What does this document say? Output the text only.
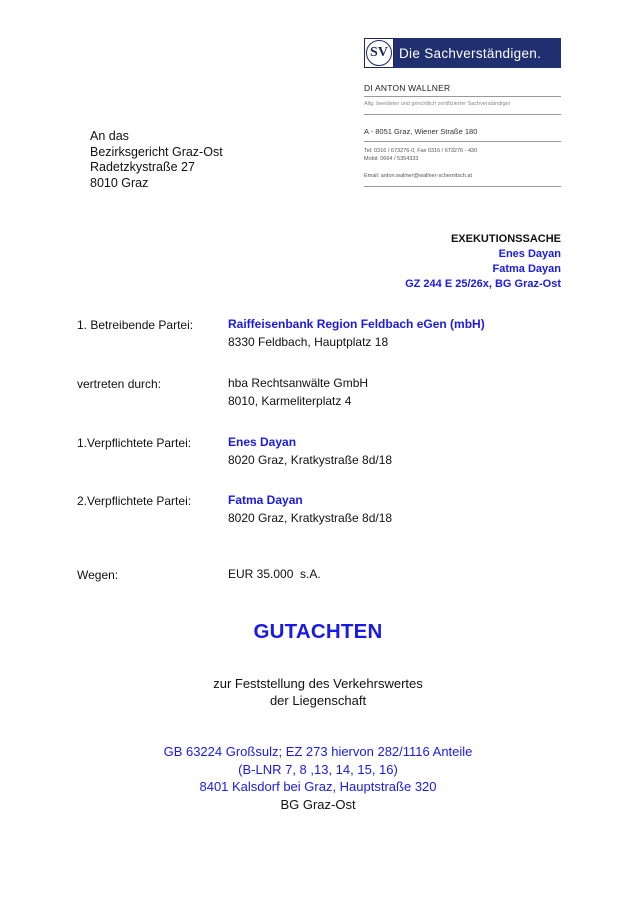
SV Die Sachverständigen.
DI ANTON WALLNER
Allg. beeideter und gerichtlich zertifizierter Sachverständiger
A - 8051 Graz, Wiener Straße 180
Tel: 0316 / 673276-0, Fax 0316 / 673276 - 430
Mobil: 0664 / 5354333
Email: anton.wallner@wallner-schemitsch.at
An das
Bezirksgericht Graz-Ost
Radetzkystraße 27
8010 Graz
EXEKUTIONSSACHE
Enes Dayan
Fatma Dayan
GZ 244 E 25/26x, BG Graz-Ost
1. Betreibende Partei:	Raiffeisenbank Region Feldbach eGen (mbH)
8330 Feldbach, Hauptplatz 18
vertreten durch:	hba Rechtsanwälte GmbH
8010, Karmeliterplatz 4
1.Verpflichtete Partei:	Enes Dayan
8020 Graz, Kratkystraße 8d/18
2.Verpflichtete Partei:	Fatma Dayan
8020 Graz, Kratkystraße 8d/18
Wegen:	EUR 35.000  s.A.
GUTACHTEN
zur Feststellung des Verkehrswertes
der Liegenschaft
GB 63224 Großsulz; EZ 273 hiervon 282/1116 Anteile
(B-LNR 7, 8 ,13, 14, 15, 16)
8401 Kalsdorf bei Graz, Hauptstraße 320
BG Graz-Ost
